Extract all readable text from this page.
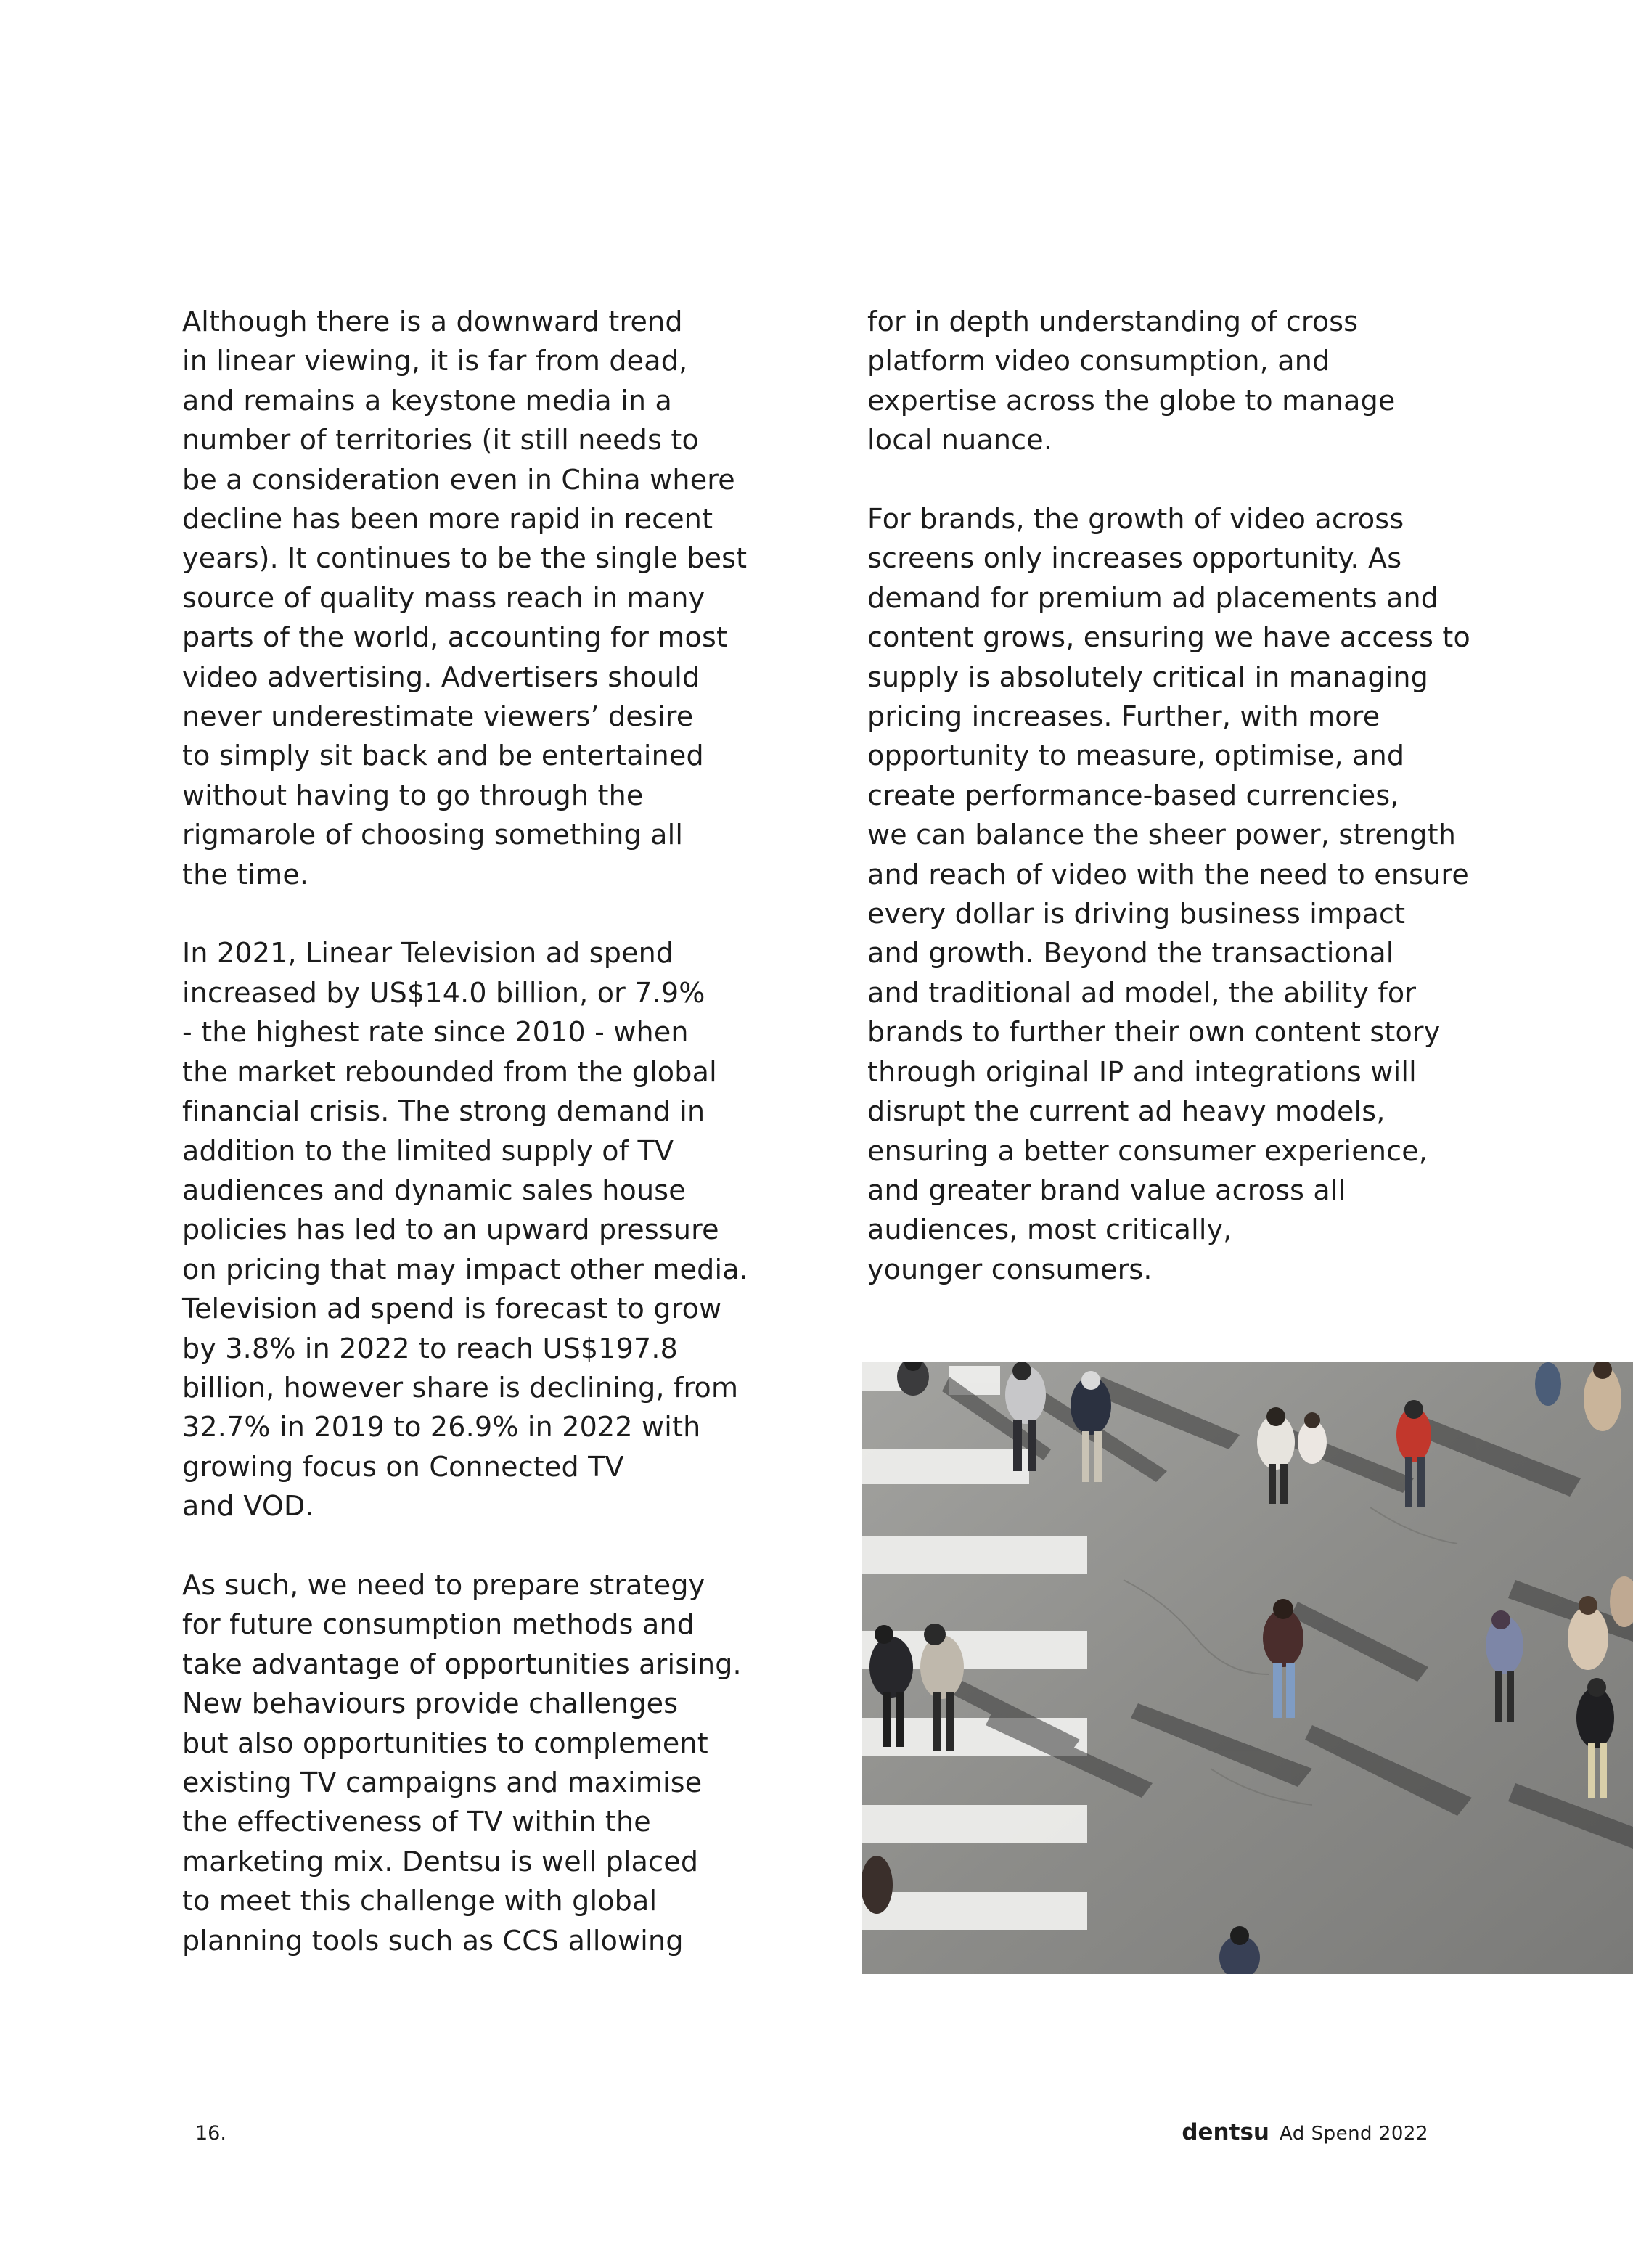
Although there is a downward trend
in linear viewing, it is far from dead,
and remains a keystone media in a
number of territories (it still needs to
be a consideration even in China where
decline has been more rapid in recent
years). It continues to be the single best
source of quality mass reach in many
parts of the world, accounting for most
video advertising. Advertisers should
never underestimate viewers’ desire
to simply sit back and be entertained
without having to go through the
rigmarole of choosing something all
the time.

In 2021, Linear Television ad spend
increased by US$14.0 billion, or 7.9%
- the highest rate since 2010 - when
the market rebounded from the global
financial crisis. The strong demand in
addition to the limited supply of TV
audiences and dynamic sales house
policies has led to an upward pressure
on pricing that may impact other media.
Television ad spend is forecast to grow
by 3.8% in 2022 to reach US$197.8
billion, however share is declining, from
32.7% in 2019 to 26.9% in 2022 with
growing focus on Connected TV
and VOD.

As such, we need to prepare strategy
for future consumption methods and
take advantage of opportunities arising.
New behaviours provide challenges
but also opportunities to complement
existing TV campaigns and maximise
the effectiveness of TV within the
marketing mix. Dentsu is well placed
to meet this challenge with global
planning tools such as CCS allowing

for in depth understanding of cross
platform video consumption, and
expertise across the globe to manage
local nuance.

For brands, the growth of video across
screens only increases opportunity. As
demand for premium ad placements and
content grows, ensuring we have access to
supply is absolutely critical in managing
pricing increases. Further, with more
opportunity to measure, optimise, and
create performance-based currencies,
we can balance the sheer power, strength
and reach of video with the need to ensure
every dollar is driving business impact
and growth. Beyond the transactional
and traditional ad model, the ability for
brands to further their own content story
through original IP and integrations will
disrupt the current ad heavy models,
ensuring a better consumer experience,
and greater brand value across all
audiences, most critically,
younger consumers.

16.	dentsu Ad Spend 2022
